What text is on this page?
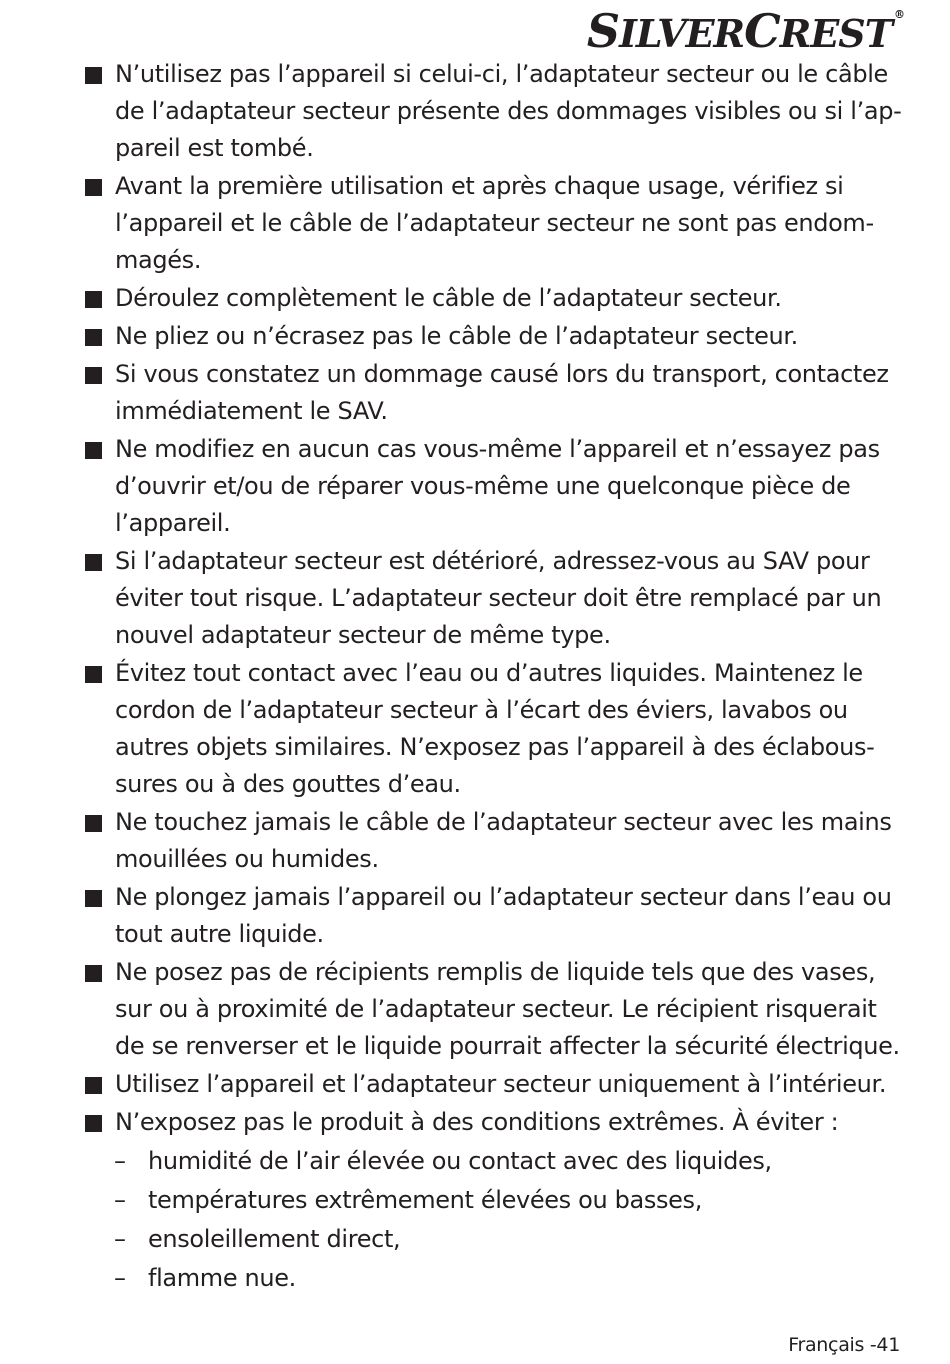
SILVERCREST ®
N’utilisez pas l’appareil si celui-ci, l’adaptateur secteur ou le câble de l’adaptateur secteur présente des dommages visibles ou si l’ap-pareil est tombé.
Avant la première utilisation et après chaque usage, vérifiez si l’appareil et le câble de l’adaptateur secteur ne sont pas endom-magés.
Déroulez complètement le câble de l’adaptateur secteur.
Ne pliez ou n’écrasez pas le câble de l’adaptateur secteur.
Si vous constatez un dommage causé lors du transport, contactez immédiatement le SAV.
Ne modifiez en aucun cas vous-même l’appareil et n’essayez pas d’ouvrir et/ou de réparer vous-même une quelconque pièce de l’appareil.
Si l’adaptateur secteur est détérioré, adressez-vous au SAV pour éviter tout risque. L’adaptateur secteur doit être remplacé par un nouvel adaptateur secteur de même type.
Évitez tout contact avec l’eau ou d’autres liquides. Maintenez le cordon de l’adaptateur secteur à l’écart des éviers, lavabos ou autres objets similaires. N’exposez pas l’appareil à des éclabous-sures ou à des gouttes d’eau.
Ne touchez jamais le câble de l’adaptateur secteur avec les mains mouillées ou humides.
Ne plongez jamais l’appareil ou l’adaptateur secteur dans l’eau ou tout autre liquide.
Ne posez pas de récipients remplis de liquide tels que des vases, sur ou à proximité de l’adaptateur secteur. Le récipient risquerait de se renverser et le liquide pourrait affecter la sécurité électrique.
Utilisez l’appareil et l’adaptateur secteur uniquement à l’intérieur.
N’exposez pas le produit à des conditions extrêmes. À éviter :
– humidité de l’air élevée ou contact avec des liquides,
– températures extrêmement élevées ou basses,
– ensoleillement direct,
– flamme nue.
Français -41
